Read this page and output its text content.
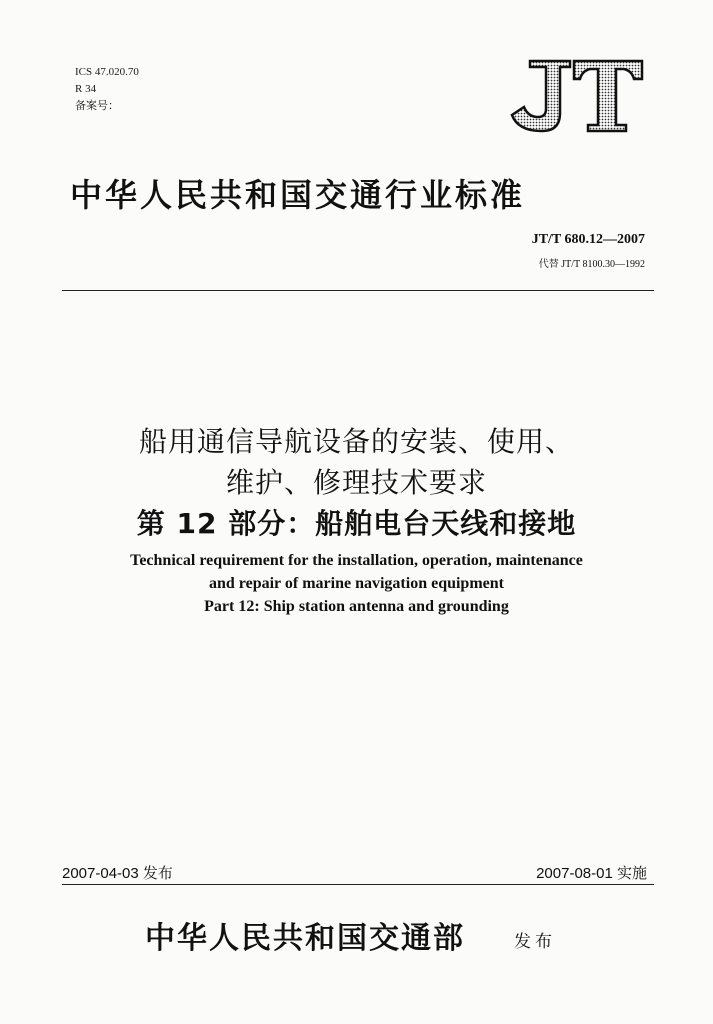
ICS 47.020.70
R 34
备案号：
中华人民共和国交通行业标准
JT/T 680.12—2007
代替 JT/T 8100.30—1992
船用通信导航设备的安装、使用、
维护、修理技术要求
第 12 部分：船舶电台天线和接地
Technical requirement for the installation, operation, maintenance
and repair of marine navigation equipment
Part 12: Ship station antenna and grounding
2007-04-03 发布	2007-08-01 实施
中华人民共和国交通部	发布
